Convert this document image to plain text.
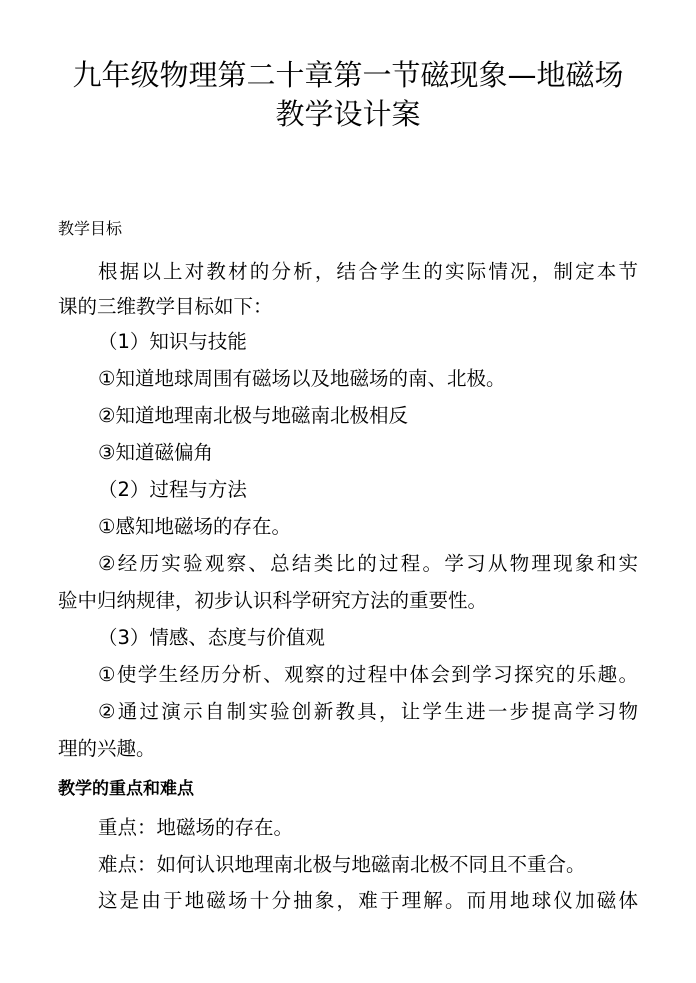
九年级物理第二十章第一节磁现象—地磁场
教学设计案
教学目标
根据以上对教材的分析，结合学生的实际情况，制定本节
课的三维教学目标如下：
（1）知识与技能
①知道地球周围有磁场以及地磁场的南、北极。
②知道地理南北极与地磁南北极相反
③知道磁偏角
（2）过程与方法
①感知地磁场的存在。
②经历实验观察、总结类比的过程。学习从物理现象和实
验中归纳规律，初步认识科学研究方法的重要性。
（3）情感、态度与价值观
①使学生经历分析、观察的过程中体会到学习探究的乐趣。
②通过演示自制实验创新教具，让学生进一步提高学习物
理的兴趣。
教学的重点和难点
重点：地磁场的存在。
难点：如何认识地理南北极与地磁南北极不同且不重合。
这是由于地磁场十分抽象，难于理解。而用地球仪加磁体
